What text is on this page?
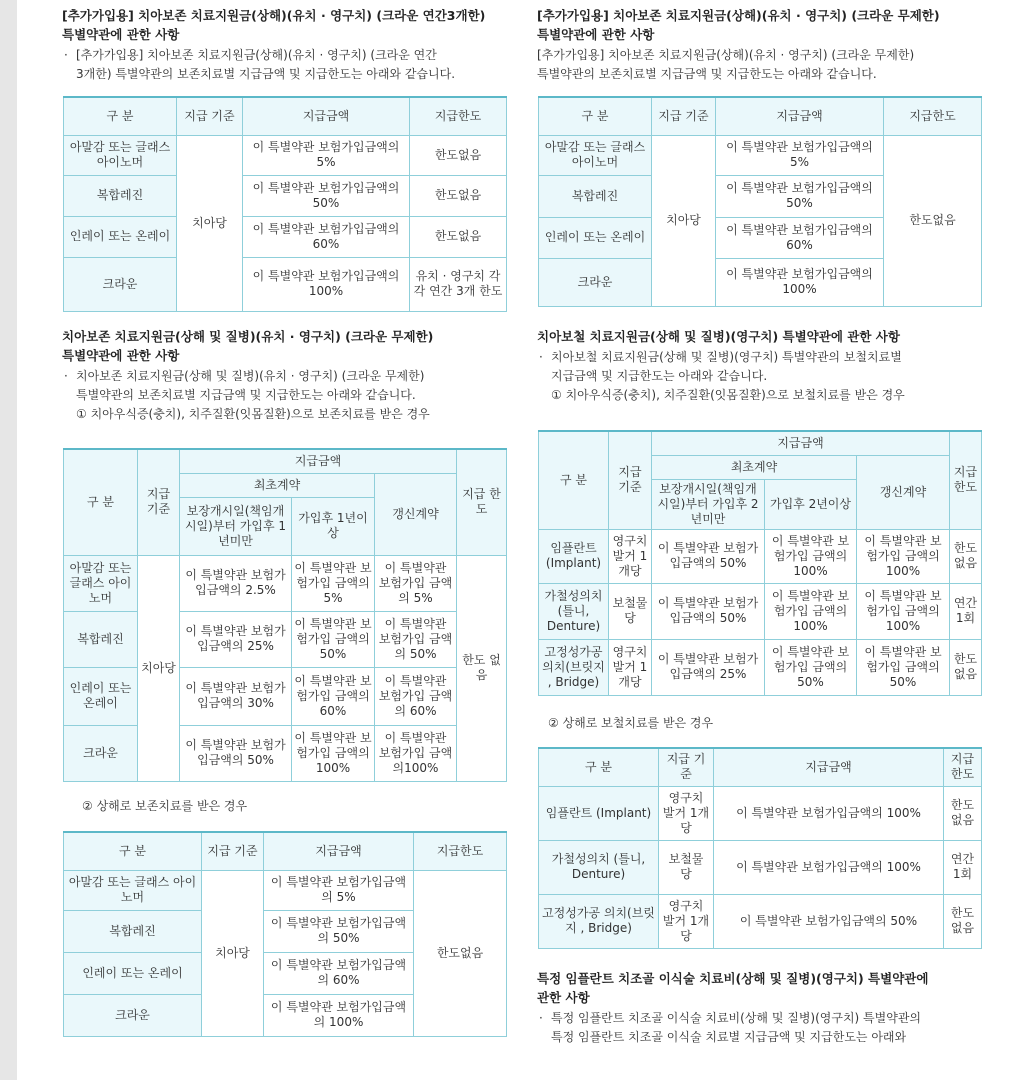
[추가가입용] 치아보존 치료지원금(상해)(유치 · 영구치) (크라운 연간3개한)

특별약관에 관한 사항

· [추가가입용] 치아보존 치료지원금(상해)(유치 · 영구치) (크라운 연간
3개한) 특별약관의 보존치료별 지급금액 및 지급한도는 아래와 같습니다.
구 분	지급 기준	지급금액	지급한도
아말감 또는 글래스 아이노머	치아당	이 특별약관 보험가입금액의 5%	한도없음
복합레진		이 특별약관 보험가입금액의 50%	한도없음
인레이 또는 온레이		이 특별약관 보험가입금액의 60%	한도없음
크라운		이 특별약관 보험가입금액의 100%	유치 · 영구치 각각 연간 3개 한도

치아보존 치료지원금(상해 및 질병)(유치 · 영구치) (크라운 무제한)

특별약관에 관한 사항

· 치아보존 치료지원금(상해 및 질병)(유치 · 영구치) (크라운 무제한)
특별약관의 보존치료별 지급금액 및 지급한도는 아래와 같습니다.
① 치아우식증(충치), 치주질환(잇몸질환)으로 보존치료를 받은 경우
구 분	지급 기준	지급금액			지급 한도
		최초계약		갱신계약	
		보장개시일(책임개시일)부터 가입후 1년미만	가입후 1년이상		
아말감 또는 글래스 아이노머	치아당	이 특별약관 보험가입금액의 2.5%	이 특별약관 보험가입 금액의 5%	이 특별약관 보험가입 금액의 5%	한도 없음
복합레진		이 특별약관 보험가입금액의 25%	이 특별약관 보험가입 금액의 50%	이 특별약관 보험가입 금액의 50%	
인레이 또는 온레이		이 특별약관 보험가입금액의 30%	이 특별약관 보험가입 금액의 60%	이 특별약관 보험가입 금액의 60%	
크라운		이 특별약관 보험가입금액의 50%	이 특별약관 보험가입 금액의100%	이 특별약관 보험가입 금액의100%	
② 상해로 보존치료를 받은 경우
구 분	지급 기준	지급금액	지급한도
아말감 또는 글래스 아이노머	치아당	이 특별약관 보험가입금액의 5%	한도없음
복합레진		이 특별약관 보험가입금액의 50%	
인레이 또는 온레이		이 특별약관 보험가입금액의 60%	
크라운		이 특별약관 보험가입금액의 100%	

[추가가입용] 치아보존 치료지원금(상해)(유치 · 영구치) (크라운 무제한)

특별약관에 관한 사항

[추가가입용] 치아보존 치료지원금(상해)(유치 · 영구치) (크라운 무제한)
특별약관의 보존치료별 지급금액 및 지급한도는 아래와 같습니다.
구 분	지급 기준	지급금액	지급한도
아말감 또는 글래스 아이노머	치아당	이 특별약관 보험가입금액의 5%	한도없음
복합레진		이 특별약관 보험가입금액의 50%	
인레이 또는 온레이		이 특별약관 보험가입금액의 60%	
크라운		이 특별약관 보험가입금액의 100%	

치아보철 치료지원금(상해 및 질병)(영구치) 특별약관에 관한 사항

· 치아보철 치료지원금(상해 및 질병)(영구치) 특별약관의 보철치료별
지급금액 및 지급한도는 아래와 같습니다.
① 치아우식증(충치), 치주질환(잇몸질환)으로 보철치료를 받은 경우
구 분	지급 기준	지급금액			지급 한도
		최초계약		갱신계약	
		보장개시일(책임개시일)부터 가입후 2년미만	가입후 2년이상		
임플란트 (Implant)	영구치 발거 1개당	이 특별약관 보험가입금액의 50%	이 특별약관 보험가입 금액의100%	이 특별약관 보험가입 금액의100%	한도 없음
가철성의치 (틀니, Denture)	보철물 당	이 특별약관 보험가입금액의 50%	이 특별약관 보험가입 금액의100%	이 특별약관 보험가입 금액의100%	연간 1회
고정성가공 의치(브릿지 , Bridge)	영구치 발거 1개당	이 특별약관 보험가입금액의 25%	이 특별약관 보험가입 금액의 50%	이 특별약관 보험가입 금액의 50%	한도 없음
② 상해로 보철치료를 받은 경우
구 분	지급 기준	지급금액	지급 한도
임플란트 (Implant)	영구치 발거 1개당	이 특별약관 보험가입금액의 100%	한도 없음
가철성의치 (틀니, Denture)	보철물 당	이 특별약관 보험가입금액의 100%	연간 1회
고정성가공 의치(브릿지 , Bridge)	영구치 발거 1개당	이 특별약관 보험가입금액의 50%	한도 없음

특정 임플란트 치조골 이식술 치료비(상해 및 질병)(영구치) 특별약관에

관한 사항

· 특정 임플란트 치조골 이식술 치료비(상해 및 질병)(영구치) 특별약관의
특정 임플란트 치조골 이식술 치료별 지급금액 및 지급한도는 아래와
